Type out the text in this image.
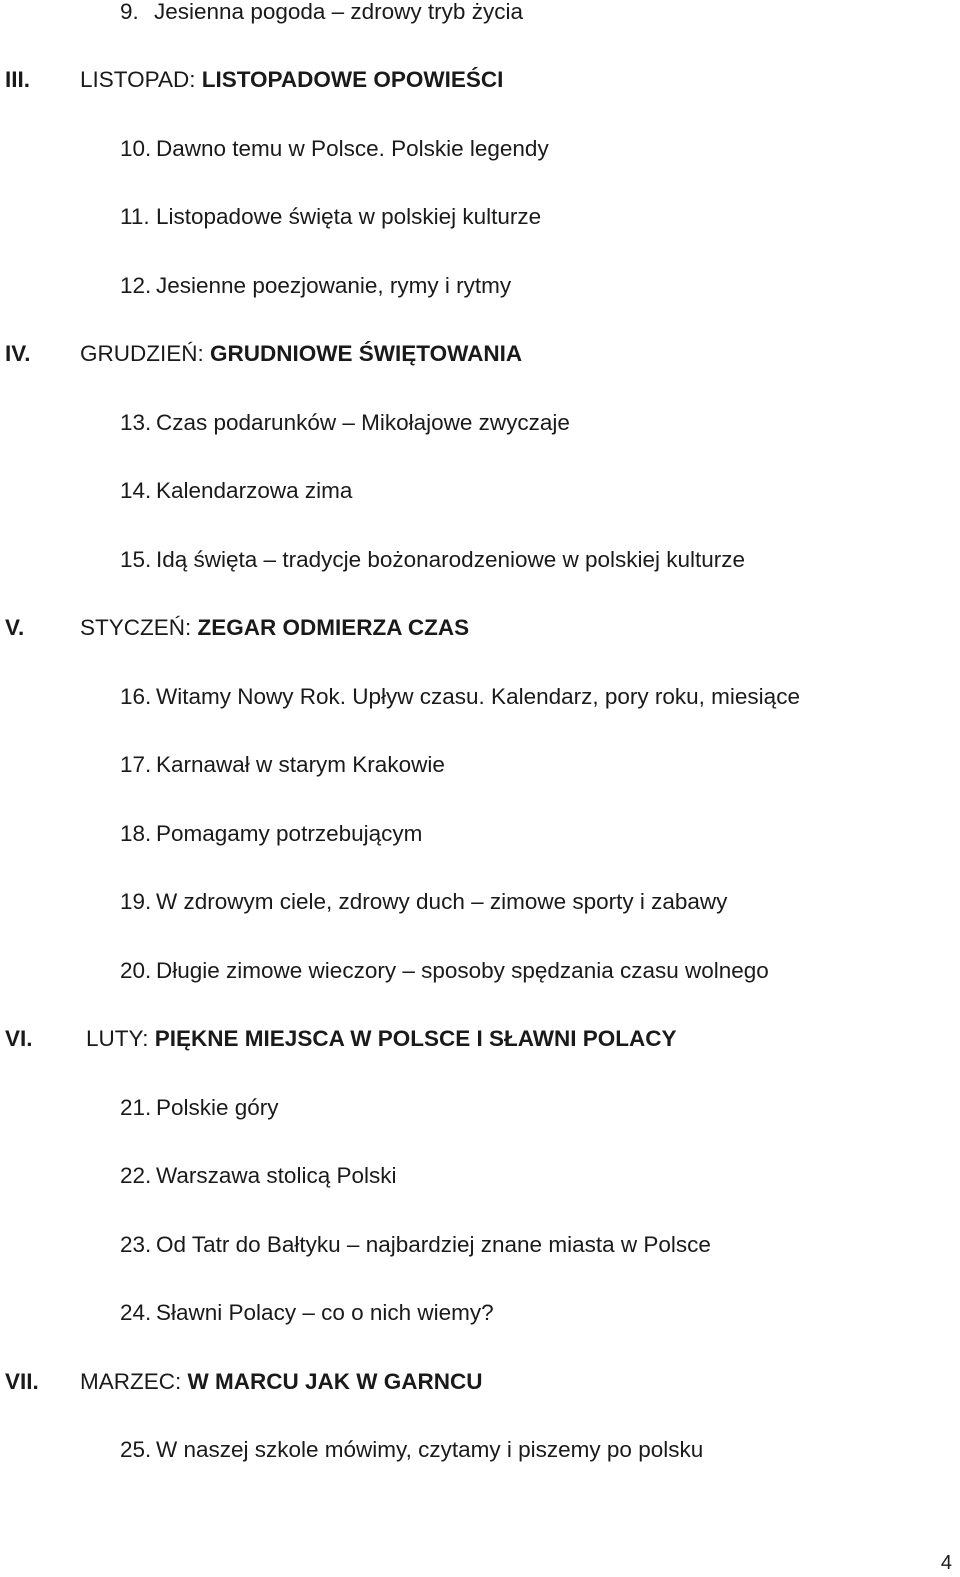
9. Jesienna pogoda – zdrowy tryb życia
III. LISTOPAD: LISTOPADOWE OPOWIEŚCI
10. Dawno temu w Polsce. Polskie legendy
11. Listopadowe święta w polskiej kulturze
12. Jesienne poezjowanie, rymy i rytmy
IV. GRUDZIEŃ: GRUDNIOWE ŚWIĘTOWANIA
13. Czas podarunków – Mikołajowe zwyczaje
14. Kalendarzowa zima
15. Idą święta – tradycje bożonarodzeniowe w polskiej kulturze
V. STYCZEŃ: ZEGAR ODMIERZA CZAS
16. Witamy Nowy Rok. Upływ czasu. Kalendarz, pory roku, miesiące
17. Karnawał w starym Krakowie
18. Pomagamy potrzebującym
19. W zdrowym ciele, zdrowy duch – zimowe sporty i zabawy
20. Długie zimowe wieczory – sposoby spędzania czasu wolnego
VI. LUTY: PIĘKNE MIEJSCA W POLSCE I SŁAWNI POLACY
21. Polskie góry
22. Warszawa stolicą Polski
23. Od Tatr do Bałtyku – najbardziej znane miasta w Polsce
24. Sławni Polacy – co o nich wiemy?
VII. MARZEC: W MARCU JAK W GARNCU
25. W naszej szkole mówimy, czytamy i piszemy po polsku
4
